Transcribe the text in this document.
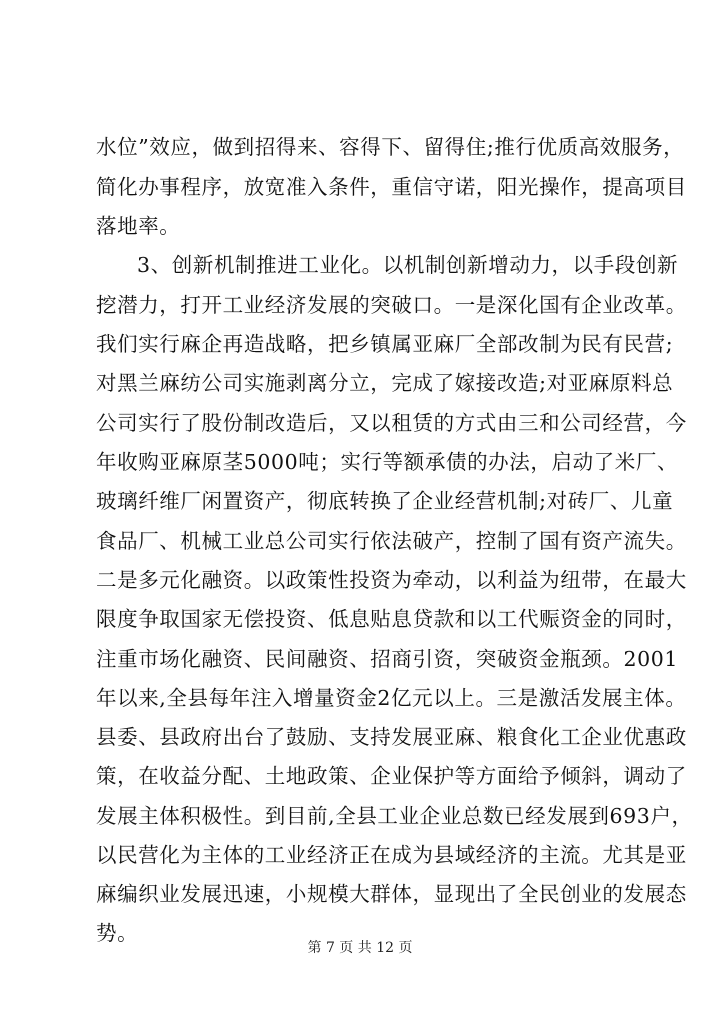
水位”效应，做到招得来、容得下、留得住;推行优质高效服务，
简化办事程序，放宽准入条件，重信守诺，阳光操作，提高项目
落地率。
3、创新机制推进工业化。以机制创新增动力，以手段创新
挖潜力，打开工业经济发展的突破口。一是深化国有企业改革。
我们实行麻企再造战略，把乡镇属亚麻厂全部改制为民有民营;
对黑兰麻纺公司实施剥离分立，完成了嫁接改造;对亚麻原料总
公司实行了股份制改造后，又以租赁的方式由三和公司经营，今
年收购亚麻原茎5000吨；实行等额承债的办法，启动了米厂、
玻璃纤维厂闲置资产，彻底转换了企业经营机制;对砖厂、儿童
食品厂、机械工业总公司实行依法破产，控制了国有资产流失。
二是多元化融资。以政策性投资为牵动，以利益为纽带，在最大
限度争取国家无偿投资、低息贴息贷款和以工代赈资金的同时，
注重市场化融资、民间融资、招商引资，突破资金瓶颈。2001
年以来,全县每年注入增量资金2亿元以上。三是激活发展主体。
县委、县政府出台了鼓励、支持发展亚麻、粮食化工企业优惠政
策，在收益分配、土地政策、企业保护等方面给予倾斜，调动了
发展主体积极性。到目前,全县工业企业总数已经发展到693户，
以民营化为主体的工业经济正在成为县域经济的主流。尤其是亚
麻编织业发展迅速，小规模大群体，显现出了全民创业的发展态
势。
第 7 页 共 12 页
